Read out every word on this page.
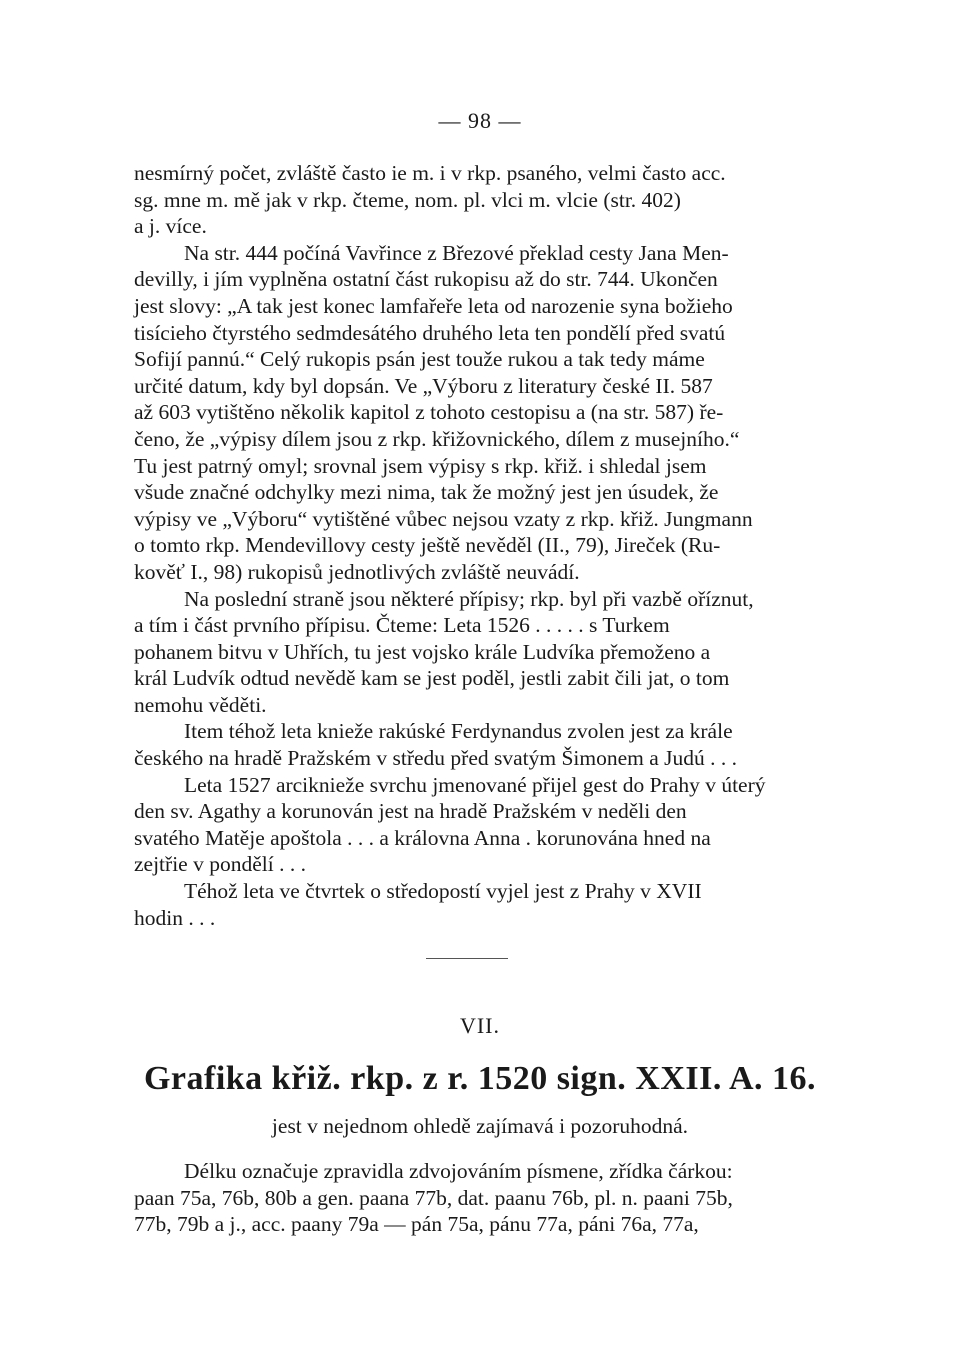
— 98 —

nesmírný počet, zvláště často ie m. i v rkp. psaného, velmi často acc.
sg. mne m. mě jak v rkp. čteme, nom. pl. vlci m. vlcie (str. 402)
a j. více.

Na str. 444 počíná Vavřince z Březové překlad cesty Jana Men-
devilly, i jím vyplněna ostatní část rukopisu až do str. 744. Ukončen
jest slovy: „A tak jest konec lamfařeře leta od narozenie syna božieho
tisícieho čtyrstého sedmdesátého druhého leta ten pondělí před svatú
Sofijí pannú.“ Celý rukopis psán jest touže rukou a tak tedy máme
určité datum, kdy byl dopsán. Ve „Výboru z literatury české II. 587
až 603 vytištěno několik kapitol z tohoto cestopisu a (na str. 587) ře-
čeno, že „výpisy dílem jsou z rkp. křižovnického, dílem z musejního.“
Tu jest patrný omyl; srovnal jsem výpisy s rkp. křiž. i shledal jsem
všude značné odchylky mezi nima, tak že možný jest jen úsudek, že
výpisy ve „Výboru“ vytištěné vůbec nejsou vzaty z rkp. křiž. Jungmann
o tomto rkp. Mendevillovy cesty ještě nevěděl (II., 79), Jireček (Ru-
kověť I., 98) rukopisů jednotlivých zvláště neuvádí.

Na poslední straně jsou některé přípisy; rkp. byl při vazbě oříznut,
a tím i část prvního přípisu. Čteme: Leta 1526 . . . . . s Turkem
pohanem bitvu v Uhřích, tu jest vojsko krále Ludvíka přemoženo a
král Ludvík odtud nevědě kam se jest poděl, jestli zabit čili jat, o tom
nemohu věděti.

Item téhož leta knieže rakúské Ferdynandus zvolen jest za krále
českého na hradě Pražském v středu před svatým Šimonem a Judú . . .

Leta 1527 arciknieže svrchu jmenované přijel gest do Prahy v úterý
den sv. Agathy a korunován jest na hradě Pražském v neděli den
svatého Matěje apoštola . . . a královna Anna . korunována hned na
zejtřie v pondělí . . .

Téhož leta ve čtvrtek o středopostí vyjel jest z Prahy v XVII
hodin . . .

VII.
Grafika křiž. rkp. z r. 1520 sign. XXII. A. 16.
jest v nejednom ohledě zajímavá i pozoruhodná.

Délku označuje zpravidla zdvojováním písmene, zřídka čárkou:
paan 75a, 76b, 80b a gen. paana 77b, dat. paanu 76b, pl. n. paani 75b,
77b, 79b a j., acc. paany 79a — pán 75a, pánu 77a, páni 76a, 77a,
